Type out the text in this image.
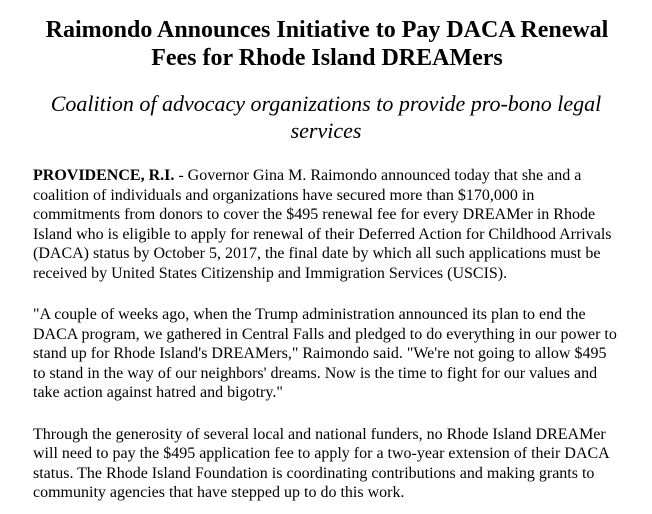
Raimondo Announces Initiative to Pay DACA Renewal Fees for Rhode Island DREAMers
Coalition of advocacy organizations to provide pro-bono legal services

PROVIDENCE, R.I. - Governor Gina M. Raimondo announced today that she and a coalition of individuals and organizations have secured more than $170,000 in commitments from donors to cover the $495 renewal fee for every DREAMer in Rhode Island who is eligible to apply for renewal of their Deferred Action for Childhood Arrivals (DACA) status by October 5, 2017, the final date by which all such applications must be received by United States Citizenship and Immigration Services (USCIS).

"A couple of weeks ago, when the Trump administration announced its plan to end the DACA program, we gathered in Central Falls and pledged to do everything in our power to stand up for Rhode Island's DREAMers," Raimondo said. "We're not going to allow $495 to stand in the way of our neighbors' dreams. Now is the time to fight for our values and take action against hatred and bigotry."

Through the generosity of several local and national funders, no Rhode Island DREAMer will need to pay the $495 application fee to apply for a two-year extension of their DACA status. The Rhode Island Foundation is coordinating contributions and making grants to community agencies that have stepped up to do this work.
